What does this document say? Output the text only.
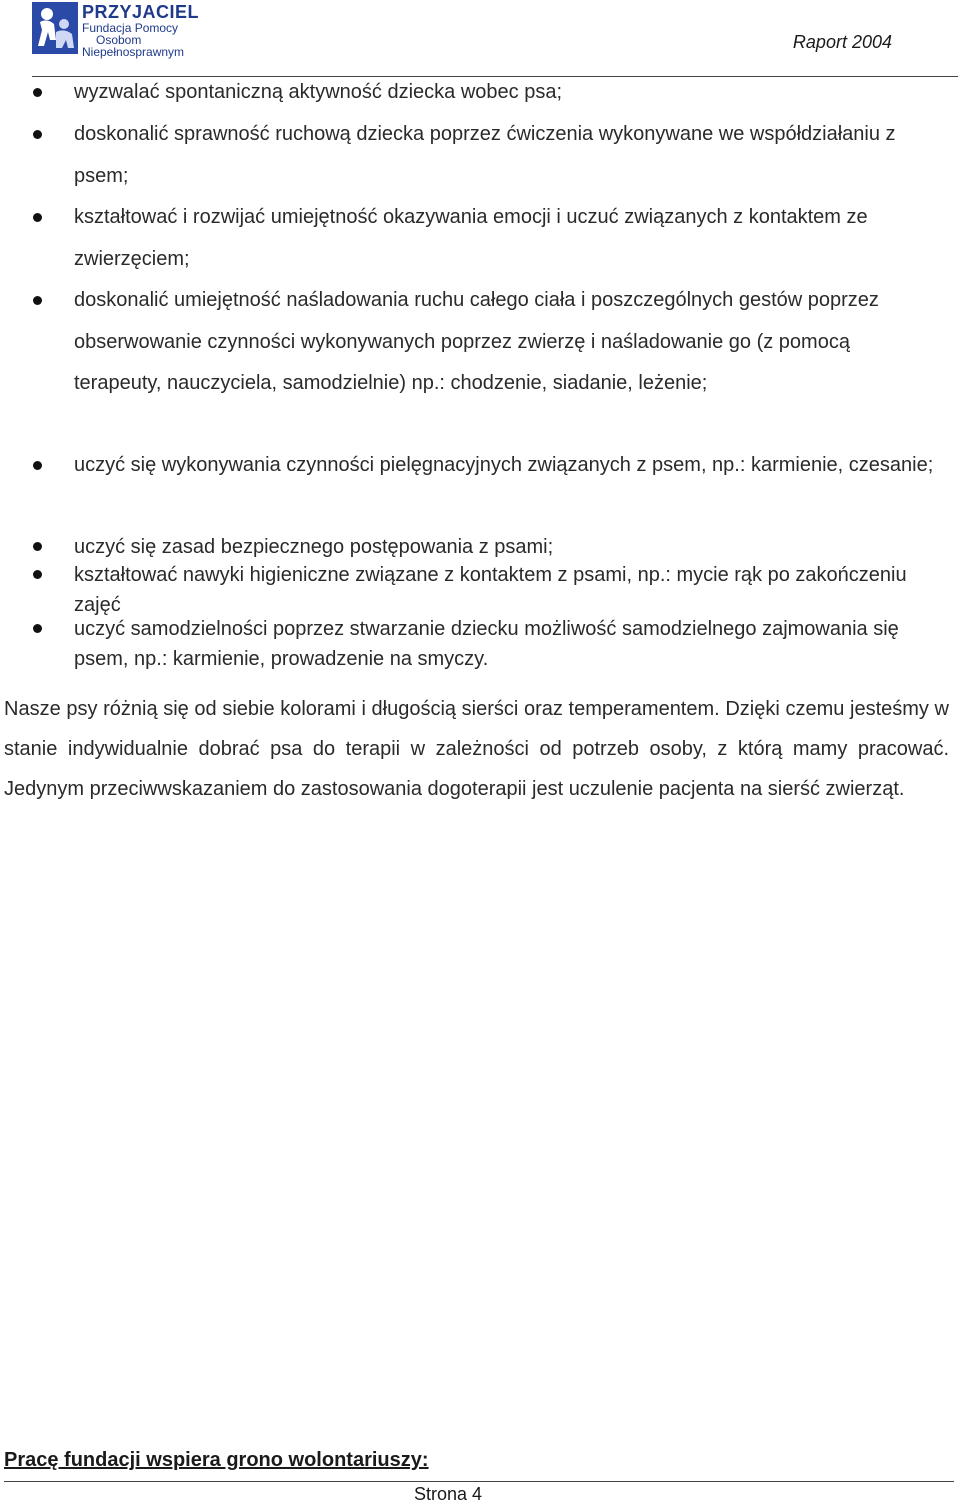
PRZYJACIEL
Fundacja Pomocy
Osobom
Niepełnosprawnym	Raport 2004
wyzwalać spontaniczną aktywność dziecka wobec psa;
doskonalić sprawność ruchową dziecka poprzez ćwiczenia wykonywane we współdziałaniu z psem;
kształtować i rozwijać umiejętność okazywania emocji i uczuć związanych z kontaktem ze zwierzęciem;
doskonalić umiejętność naśladowania ruchu całego ciała i poszczególnych gestów poprzez obserwowanie czynności wykonywanych poprzez zwierzę i naśladowanie go (z pomocą terapeuty, nauczyciela, samodzielnie) np.: chodzenie, siadanie, leżenie;
uczyć się wykonywania czynności pielęgnacyjnych związanych z psem, np.: karmienie, czesanie;
uczyć się zasad bezpiecznego postępowania z psami;
kształtować nawyki higieniczne związane z kontaktem z psami, np.: mycie rąk po zakończeniu zajęć
uczyć samodzielności poprzez stwarzanie dziecku możliwość samodzielnego zajmowania się psem, np.: karmienie, prowadzenie na smyczy.
Nasze psy różnią się od siebie kolorami i długością sierści oraz temperamentem. Dzięki czemu jesteśmy w stanie indywidualnie dobrać psa do terapii w zależności od potrzeb osoby, z którą mamy pracować. Jedynym przeciwwskazaniem do zastosowania dogoterapii jest uczulenie pacjenta na sierść zwierząt.
Pracę fundacji wspiera grono wolontariuszy:
Strona 4
